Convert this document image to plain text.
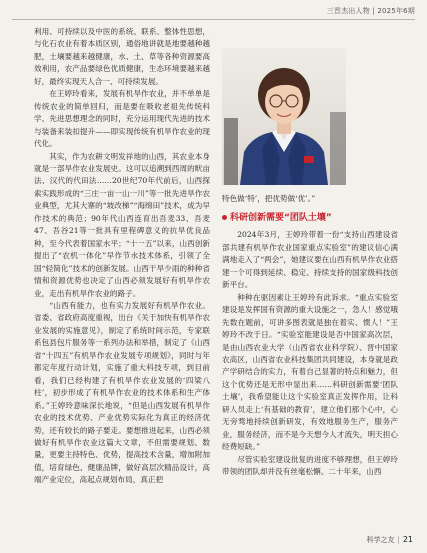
三晋杰出人物 | 2025年6期

利用、可持续以及中医的系统、联系、整体性思想，与化石农业有着本质区别，通俗地讲就是地要越种越肥，土壤要越来越健康，水、土、草等各种资源要高效利用，农产品要绿色优质健康，生态环境要越来越好，最终实现天人合一、可持续发展。

在王婷玲看来，发展有机旱作农业，并不单单是传统农业的简单回归，而是要在吸收老祖先传统科学、先进思想理念的同时，充分运用现代先进的技术与装备来装扣提升——即实现传统有机旱作农业的现代化。

其实，作为农耕文明发祥地的山西，其农业本身就是一部旱作农业发展史。这可以追溯到西周的畎亩法、汉代的代田法……20世纪70年代前后，山西探索实践形成的“三庄一亩一山一川”等一批先进旱作农业典型，尤其大寨的“坡改梯”“海绵田”技术，成为早作技术的典范；90年代山西连育出吾麦33、吾麦47、吾谷21等一批具有里程碑意义的抗旱优良品种，至今代表着国家水平；“十一五”以来，山西创新提出了“农机一体化”早作节水技术体系，引领了全国“轻简化”技术的创新发展。山西干旱少雨的种种省情和资源优势也决定了山西必须发展好有机旱作农业，走出有机旱作农业的路子。

“山西有能力，也有实力发展好有机旱作农业。省委、省政府高度重视，出台《关于加快有机旱作农业发展的实施意见》，制定了系统时间示范，专家联系包县包片服务等一系列办法和举措，制定了《山西省“十四五”有机旱作农业发展专项规划》，同时与年都定年度行动计划，实施了重大科技专项，到目前看，我们已经构建了有机旱作农业发展的‘四梁八柱’，初步形成了有机旱作农业的技术体系和生产体系。”王婷玲意味深长地说，“但是山西发展有机旱作农业的技术优势、产业优势实际化为真正的经济优势，还有较长的路子要走。要想推进起来，山西必须做好有机旱作农业这篇大文章，不但需要规划、数量，更要主持特色、优势，提高技术含量，增加附加值，培育绿色、健康品牌，做好高层次精品设计，高端产业定位，高起点规划布局，真正把

特色做‘特’，把优势做‘优’。”

科研创新需要“团队土壤”

2024年3月，王婷玲带着一份“支持山西建设省部共建有机旱作农业国家重点实验室”的建议信心满满地走入了“两会”，她建议要在山西有机旱作农业搭建一个可得到延续、稳定、持续支持的国家级科技创新平台。

种种在驱因素让王婷玲有此诉求。“重点实验室建设是发挥国有资源的重大设施之一，急人！感觉哦先数在题前，可讲多图表就是独在着实、惯人！”王婷玲不改于日。“实验室能建设是否中国家高次层，是由山西农业大学（山西省农业科学院）、晋中国家农高区，山西省农业科技集团共同建设，本身就是政产学研结合的实力，有着自己显著的特点和魅力，但这个优势还是无形中显出来……科研创新需要‘团队土壤’，我希望能让这个实验室真正发挥作用，让科研人员走上‘有基础的教育’，建立他们那个心中，心无旁骛地持续创新研发，有效地服务生产，服务产业，服务经济，而不是今天想今人才流失，明天担心经费短缺。”

尽管实验室建设批复的进度不够理想，但王婷玲带领的团队却并没有丝毫松懈。二十年来，山西

科学之友 | 21
